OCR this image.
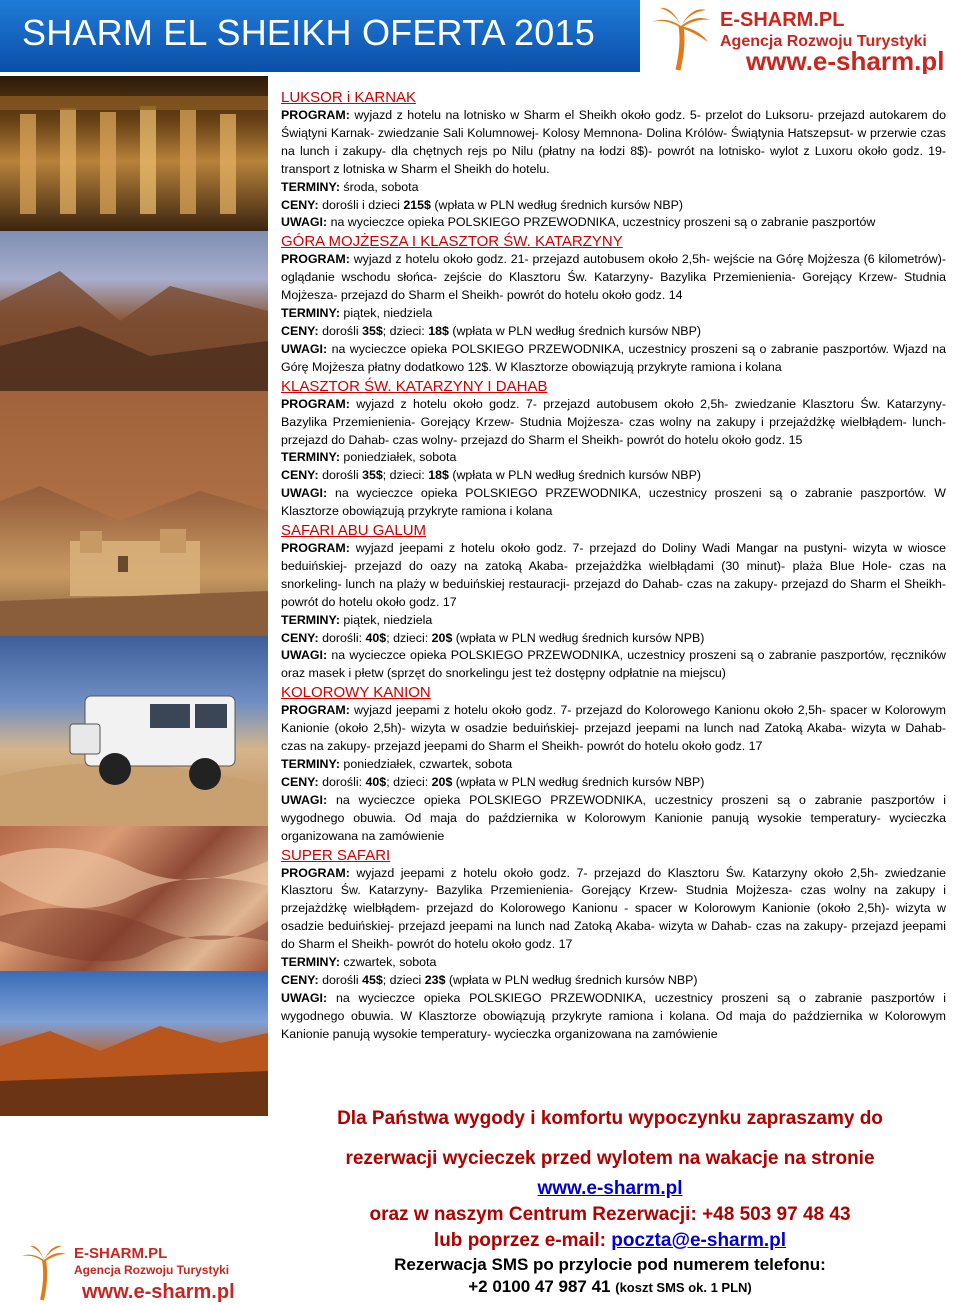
SHARM EL SHEIKH OFERTA 2015	E-SHARM.PL
Agencja Rozwoju Turystyki
www.e-sharm.pl

LUKSOR i KARNAK

PROGRAM: wyjazd z hotelu na lotnisko w Sharm el Sheikh około godz. 5- przelot do Luksoru- przejazd autokarem do Świątyni Karnak- zwiedzanie Sali Kolumnowej- Kolosy Memnona- Dolina Królów- Świątynia Hatszepsut- w przerwie czas na lunch i zakupy- dla chętnych rejs po Nilu (płatny na łodzi 8$)- powrót na lotnisko- wylot z Luxoru około godz. 19- transport z lotniska w Sharm el Sheikh do hotelu.

TERMINY: środa, sobota

CENY: dorośli i dzieci 215$ (wpłata w PLN według średnich kursów NBP)

UWAGI: na wycieczce opieka POLSKIEGO PRZEWODNIKA, uczestnicy proszeni są o zabranie paszportów

GÓRA MOJŻESZA I KLASZTOR ŚW. KATARZYNY

PROGRAM: wyjazd z hotelu około godz. 21- przejazd autobusem około 2,5h- wejście na Górę Mojżesza (6 kilometrów)- oglądanie wschodu słońca- zejście do Klasztoru Św. Katarzyny- Bazylika Przemienienia- Gorejący Krzew- Studnia Mojżesza- przejazd do Sharm el Sheikh- powrót do hotelu około godz. 14

TERMINY: piątek, niedziela

CENY: dorośli 35$; dzieci: 18$ (wpłata w PLN według średnich kursów NBP)

UWAGI: na wycieczce opieka POLSKIEGO PRZEWODNIKA, uczestnicy proszeni są o zabranie paszportów. Wjazd na Górę Mojżesza płatny dodatkowo 12$. W Klasztorze obowiązują przykryte ramiona i kolana

KLASZTOR ŚW. KATARZYNY I DAHAB

PROGRAM: wyjazd z hotelu około godz. 7- przejazd autobusem około 2,5h- zwiedzanie Klasztoru Św. Katarzyny- Bazylika Przemienienia- Gorejący Krzew- Studnia Mojżesza- czas wolny na zakupy i przejażdżkę wielbłądem- lunch- przejazd do Dahab- czas wolny- przejazd do Sharm el Sheikh- powrót do hotelu około godz. 15

TERMINY: poniedziałek, sobota

CENY: dorośli 35$; dzieci: 18$ (wpłata w PLN według średnich kursów NBP)

UWAGI: na wycieczce opieka POLSKIEGO PRZEWODNIKA, uczestnicy proszeni są o zabranie paszportów. W Klasztorze obowiązują przykryte ramiona i kolana

SAFARI ABU GALUM

PROGRAM: wyjazd jeepami z hotelu około godz. 7- przejazd do Doliny Wadi Mangar na pustyni- wizyta w wiosce beduińskiej- przejazd do oazy na zatoką Akaba- przejażdżka wielbłądami (30 minut)- plaża Blue Hole- czas na snorkeling- lunch na plaży w beduińskiej restauracji- przejazd do Dahab- czas na zakupy- przejazd do Sharm el Sheikh- powrót do hotelu około godz. 17

TERMINY: piątek, niedziela

CENY: dorośli: 40$; dzieci: 20$ (wpłata w PLN według średnich kursów NPB)

UWAGI: na wycieczce opieka POLSKIEGO PRZEWODNIKA, uczestnicy proszeni są o zabranie paszportów, ręczników oraz masek i płetw (sprzęt do snorkelingu jest też dostępny odpłatnie na miejscu)

KOLOROWY KANION

PROGRAM: wyjazd jeepami z hotelu około godz. 7- przejazd do Kolorowego Kanionu około 2,5h- spacer w Kolorowym Kanionie (około 2,5h)- wizyta w osadzie beduińskiej- przejazd jeepami na lunch nad Zatoką Akaba- wizyta w Dahab- czas na zakupy- przejazd jeepami do Sharm el Sheikh- powrót do hotelu około godz. 17

TERMINY: poniedziałek, czwartek, sobota

CENY: dorośli: 40$; dzieci: 20$ (wpłata w PLN według średnich kursów NBP)

UWAGI: na wycieczce opieka POLSKIEGO PRZEWODNIKA, uczestnicy proszeni są o zabranie paszportów i wygodnego obuwia. Od maja do października w Kolorowym Kanionie panują wysokie temperatury- wycieczka organizowana na zamówienie

SUPER SAFARI

PROGRAM: wyjazd jeepami z hotelu około godz. 7- przejazd do Klasztoru Św. Katarzyny około 2,5h- zwiedzanie Klasztoru Św. Katarzyny- Bazylika Przemienienia- Gorejący Krzew- Studnia Mojżesza- czas wolny na zakupy i przejażdżkę wielbłądem- przejazd do Kolorowego Kanionu - spacer w Kolorowym Kanionie (około 2,5h)- wizyta w osadzie beduińskiej- przejazd jeepami na lunch nad Zatoką Akaba- wizyta w Dahab- czas na zakupy- przejazd jeepami do Sharm el Sheikh- powrót do hotelu około godz. 17

TERMINY: czwartek, sobota

CENY: dorośli 45$; dzieci 23$ (wpłata w PLN według średnich kursów NBP)

UWAGI: na wycieczce opieka POLSKIEGO PRZEWODNIKA, uczestnicy proszeni są o zabranie paszportów i wygodnego obuwia. W Klasztorze obowiązują przykryte ramiona i kolana. Od maja do października w Kolorowym Kanionie panują wysokie temperatury- wycieczka organizowana na zamówienie

Dla Państwa wygody i komfortu wypoczynku zapraszamy do
rezerwacji wycieczek przed wylotem na wakacje na stronie
www.e-sharm.pl
oraz w naszym Centrum Rezerwacji: +48 503 97 48 43
lub poprzez e-mail: poczta@e-sharm.pl
Rezerwacja SMS po przylocie pod numerem telefonu:
+2 0100 47 987 41 (koszt SMS ok. 1 PLN)
E-SHARM.PL
Agencja Rozwoju Turystyki
www.e-sharm.pl
